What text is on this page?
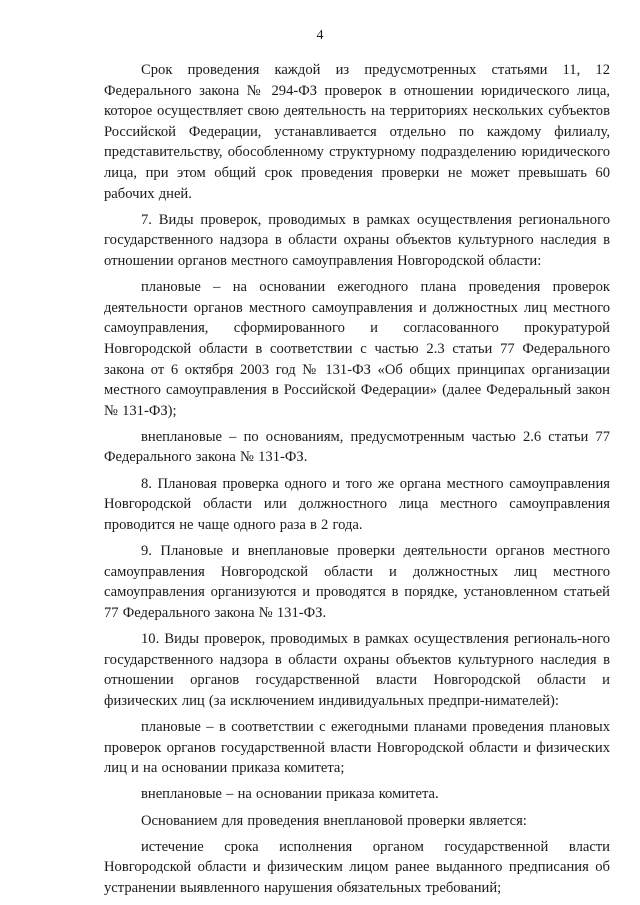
4

Срок проведения каждой из предусмотренных статьями 11, 12 Федерального закона № 294-ФЗ проверок в отношении юридического лица, которое осуществляет свою деятельность на территориях нескольких субъектов Российской Федерации, устанавливается отдельно по каждому филиалу, представительству, обособленному структурному подразделению юридического лица, при этом общий срок проведения проверки не может превышать 60 рабочих дней.

7. Виды проверок, проводимых в рамках осуществления регионального государственного надзора в области охраны объектов культурного наследия в отношении органов местного самоуправления Новгородской области:

плановые – на основании ежегодного плана проведения проверок деятельности органов местного самоуправления и должностных лиц местного самоуправления, сформированного и согласованного прокуратурой Новгородской области в соответствии с частью 2.3 статьи 77 Федерального закона от 6 октября 2003 год № 131-ФЗ «Об общих принципах организации местного самоуправления в Российской Федерации» (далее Федеральный закон № 131-ФЗ);

внеплановые – по основаниям, предусмотренным частью 2.6 статьи 77 Федерального закона № 131-ФЗ.

8. Плановая проверка одного и того же органа местного самоуправления Новгородской области или должностного лица местного самоуправления проводится не чаще одного раза в 2 года.

9. Плановые и внеплановые проверки деятельности органов местного самоуправления Новгородской области и должностных лиц местного самоуправления организуются и проводятся в порядке, установленном статьей 77 Федерального закона № 131-ФЗ.

10. Виды проверок, проводимых в рамках осуществления региональ-ного государственного надзора в области охраны объектов культурного наследия в отношении органов государственной власти Новгородской области и физических лиц (за исключением индивидуальных предпри-нимателей):

плановые – в соответствии с ежегодными планами проведения плановых проверок органов государственной власти Новгородской области и физических лиц и на основании приказа комитета;

внеплановые – на основании приказа комитета.

Основанием для проведения внеплановой проверки является:

истечение срока исполнения органом государственной власти Новгородской области и физическим лицом ранее выданного предписания об устранении выявленного нарушения обязательных требований;
